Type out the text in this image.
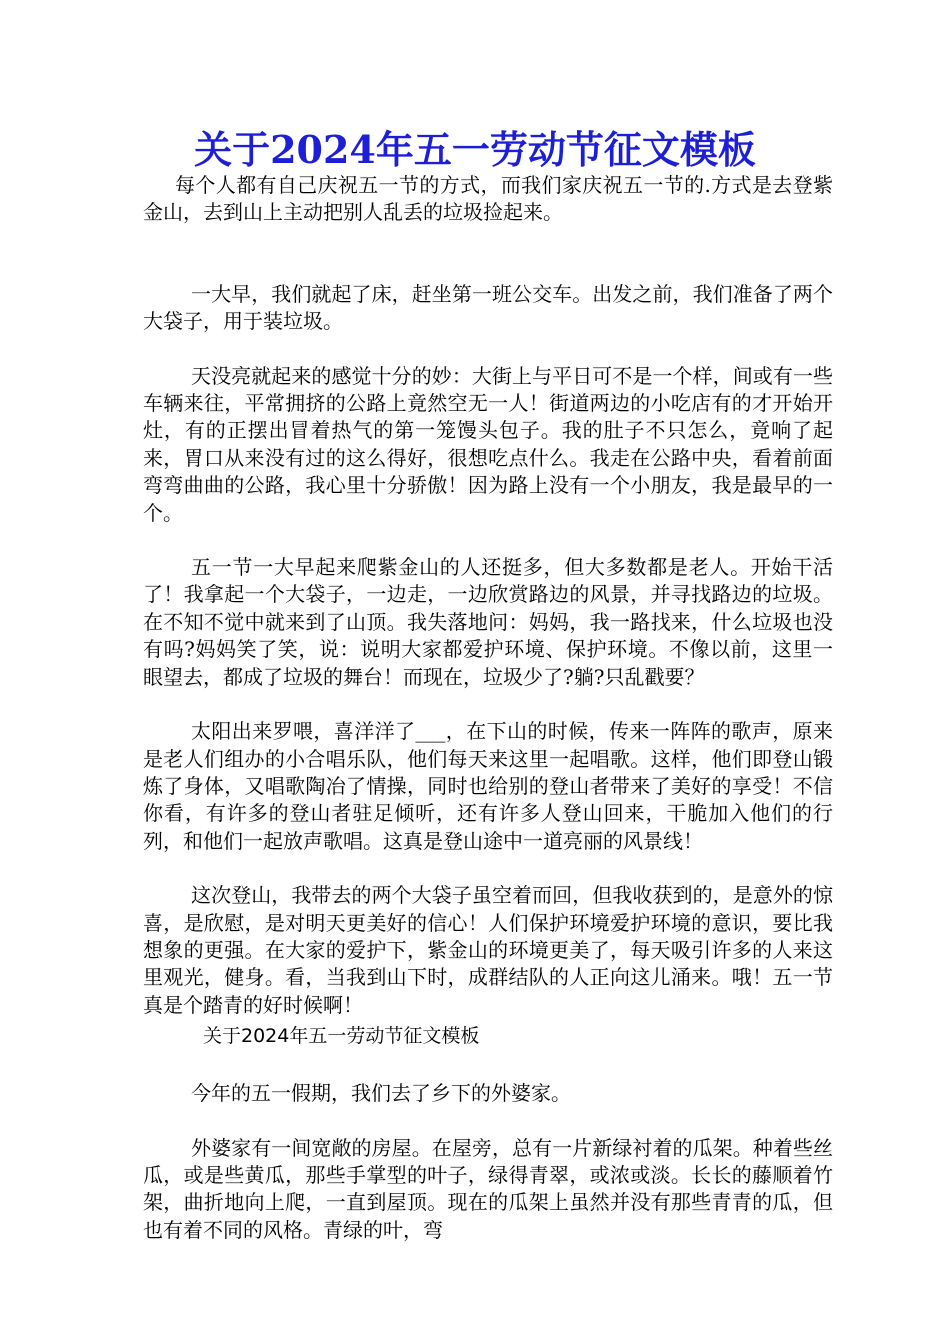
关于2024年五一劳动节征文模板

每个人都有自己庆祝五一节的方式，而我们家庆祝五一节的.方式是去登紫金山，去到山上主动把别人乱丢的垃圾捡起来。

一大早，我们就起了床，赶坐第一班公交车。出发之前，我们准备了两个大袋子，用于装垃圾。

天没亮就起来的感觉十分的妙：大街上与平日可不是一个样，间或有一些车辆来往，平常拥挤的公路上竟然空无一人！街道两边的小吃店有的才开始开灶，有的正摆出冒着热气的第一笼馒头包子。我的肚子不只怎么，竟响了起来，胃口从来没有过的这么得好，很想吃点什么。我走在公路中央，看着前面弯弯曲曲的公路，我心里十分骄傲！因为路上没有一个小朋友，我是最早的一个。

五一节一大早起来爬紫金山的人还挺多，但大多数都是老人。开始干活了！我拿起一个大袋子，一边走，一边欣赏路边的风景，并寻找路边的垃圾。在不知不觉中就来到了山顶。我失落地问：妈妈，我一路找来，什么垃圾也没有吗?妈妈笑了笑，说：说明大家都爱护环境、保护环境。不像以前，这里一眼望去，都成了垃圾的舞台！而现在，垃圾少了?躺?只乱戳要？

太阳出来罗喂，喜洋洋了___，在下山的时候，传来一阵阵的歌声，原来是老人们组办的小合唱乐队，他们每天来这里一起唱歌。这样，他们即登山锻炼了身体，又唱歌陶冶了情操，同时也给别的登山者带来了美好的享受！不信你看，有许多的登山者驻足倾听，还有许多人登山回来，干脆加入他们的行列，和他们一起放声歌唱。这真是登山途中一道亮丽的风景线！

这次登山，我带去的两个大袋子虽空着而回，但我收获到的，是意外的惊喜，是欣慰，是对明天更美好的信心！人们保护环境爱护环境的意识，要比我想象的更强。在大家的爱护下，紫金山的环境更美了，每天吸引许多的人来这里观光，健身。看，当我到山下时，成群结队的人正向这儿涌来。哦！五一节真是个踏青的好时候啊！

关于2024年五一劳动节征文模板

今年的五一假期，我们去了乡下的外婆家。

外婆家有一间宽敞的房屋。在屋旁，总有一片新绿衬着的瓜架。种着些丝瓜，或是些黄瓜，那些手掌型的叶子，绿得青翠，或浓或淡。长长的藤顺着竹架，曲折地向上爬，一直到屋顶。现在的瓜架上虽然并没有那些青青的瓜，但也有着不同的风格。青绿的叶，弯
